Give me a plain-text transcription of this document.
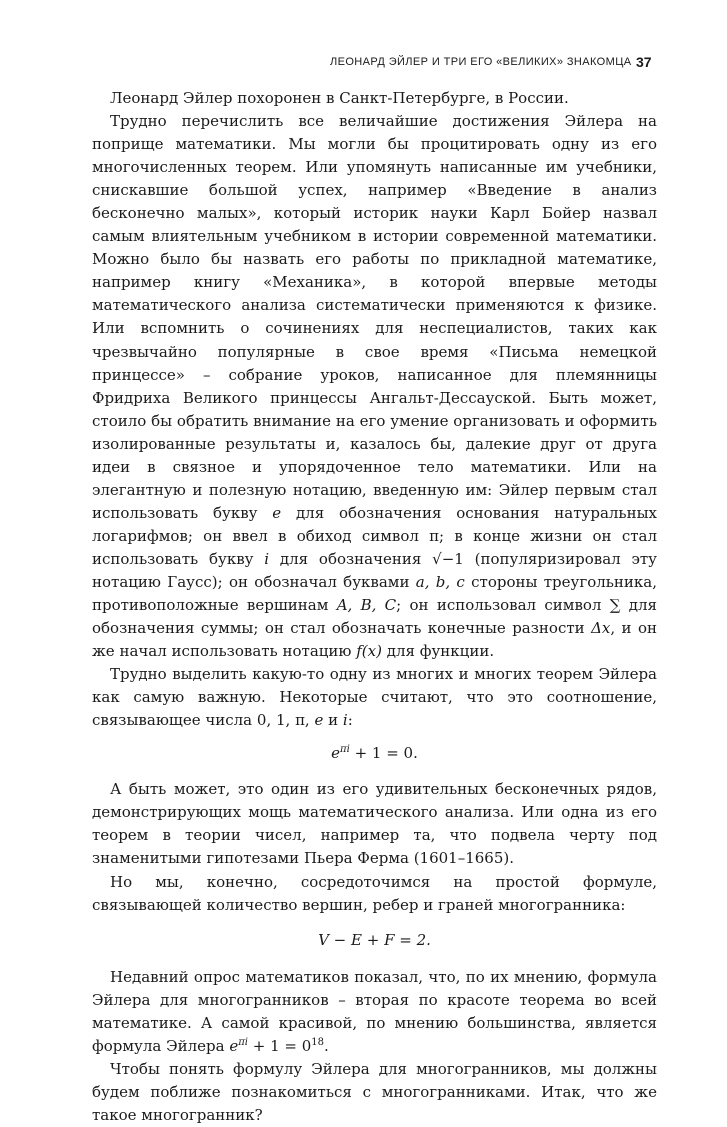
ЛЕОНАРД ЭЙЛЕР И ТРИ ЕГО «ВЕЛИКИХ» ЗНАКОМЦА 37

Леонард Эйлер похоронен в Санкт-Петербурге, в России.

Трудно перечислить все величайшие достижения Эйлера на поприще математики. Мы могли бы процитировать одну из его многочисленных теорем. Или упомянуть написанные им учебники, снискавшие большой успех, например «Введение в анализ бесконечно малых», который историк науки Карл Бойер назвал самым влиятельным учебником в истории современной математики. Можно было бы назвать его работы по прикладной математике, например книгу «Механика», в которой впервые методы математического анализа систематически применяются к физике. Или вспомнить о сочинениях для неспециалистов, таких как чрезвычайно популярные в свое время «Письма немецкой принцессе» – собрание уроков, написанное для племянницы Фридриха Великого принцессы Ангальт-Дессауской. Быть может, стоило бы обратить внимание на его умение организовать и оформить изолированные результаты и, казалось бы, далекие друг от друга идеи в связное и упорядоченное тело математики. Или на элегантную и полезную нотацию, введенную им: Эйлер первым стал использовать букву e для обозначения основания натуральных логарифмов; он ввел в обиход символ π; в конце жизни он стал использовать букву i для обозначения √−1 (популяризировал эту нотацию Гаусс); он обозначал буквами a, b, c стороны треугольника, противоположные вершинам A, B, C; он использовал символ ∑ для обозначения суммы; он стал обозначать конечные разности Δx, и он же начал использовать нотацию f(x) для функции.

Трудно выделить какую-то одну из многих и многих теорем Эйлера как самую важную. Некоторые считают, что это соотношение, связывающее числа 0, 1, π, e и i:

$e^{\pi i} + 1 = 0$.

А быть может, это один из его удивительных бесконечных рядов, демонстрирующих мощь математического анализа. Или одна из его теорем в теории чисел, например та, что подвела черту под знаменитыми гипотезами Пьера Ферма (1601–1665).

Но мы, конечно, сосредоточимся на простой формуле, связывающей количество вершин, ребер и граней многогранника:

V − E + F = 2.

Недавний опрос математиков показал, что, по их мнению, формула Эйлера для многогранников – вторая по красоте теорема во всей математике. А самой красивой, по мнению большинства, является формула Эйлера $e^{\pi i} + 1 = 0^{18}$.

Чтобы понять формулу Эйлера для многогранников, мы должны будем поближе познакомиться с многогранниками. Итак, что же такое многогранник?
